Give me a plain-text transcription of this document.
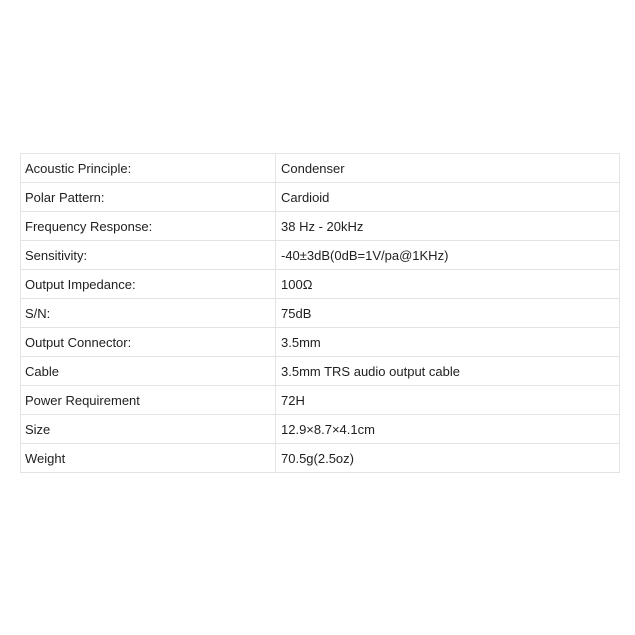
Acoustic Principle:	Condenser
Polar Pattern:	Cardioid
Frequency Response:	38 Hz - 20kHz
Sensitivity:	-40±3dB(0dB=1V/pa@1KHz)
Output Impedance:	100Ω
S/N:	75dB
Output Connector:	3.5mm
Cable	3.5mm TRS audio output cable
Power Requirement	72H
Size	12.9×8.7×4.1cm
Weight	70.5g(2.5oz)
